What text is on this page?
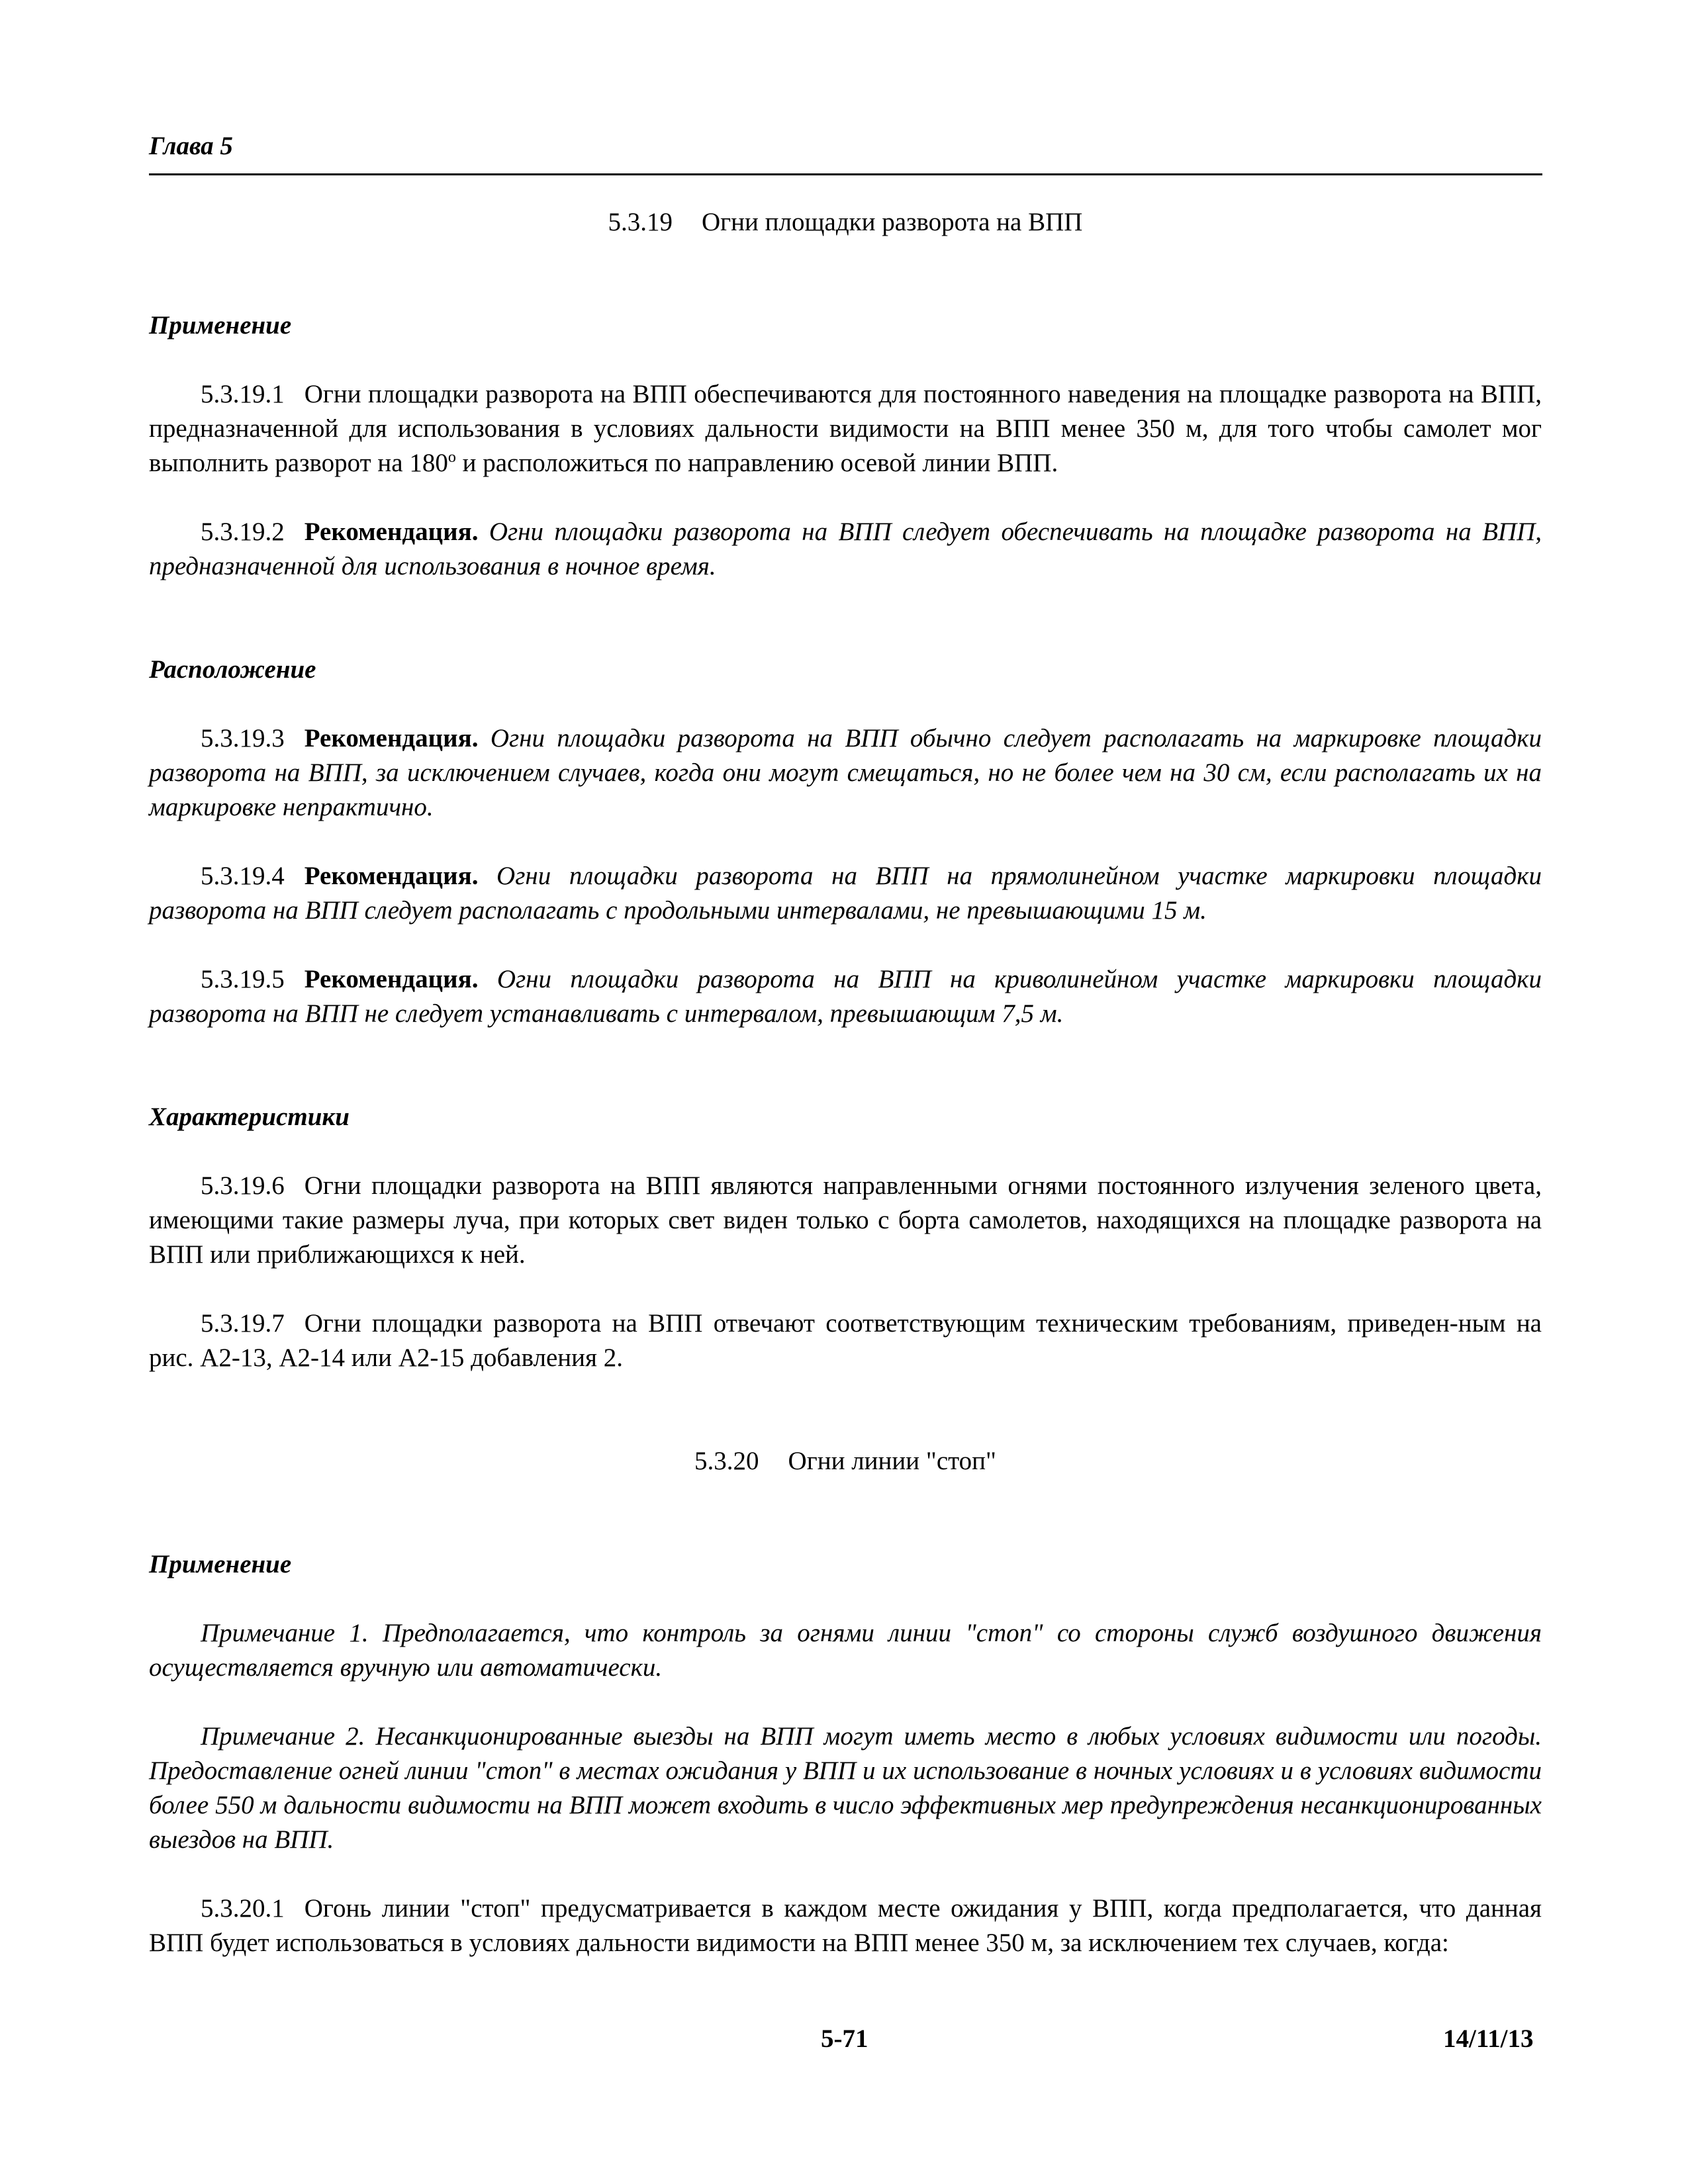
Глава 5

5.3.19 Огни площадки разворота на ВПП

Применение

5.3.19.1 Огни площадки разворота на ВПП обеспечиваются для постоянного наведения на площадке разворота на ВПП, предназначенной для использования в условиях дальности видимости на ВПП менее 350 м, для того чтобы самолет мог выполнить разворот на 180$^o$ и расположиться по направлению осевой линии ВПП.

5.3.19.2 Рекомендация. Огни площадки разворота на ВПП следует обеспечивать на площадке разворота на ВПП, предназначенной для использования в ночное время.

Расположение

5.3.19.3 Рекомендация. Огни площадки разворота на ВПП обычно следует располагать на маркировке площадки разворота на ВПП, за исключением случаев, когда они могут смещаться, но не более чем на 30 см, если располагать их на маркировке непрактично.

5.3.19.4 Рекомендация. Огни площадки разворота на ВПП на прямолинейном участке маркировки площадки разворота на ВПП следует располагать с продольными интервалами, не превышающими 15 м.

5.3.19.5 Рекомендация. Огни площадки разворота на ВПП на криволинейном участке маркировки площадки разворота на ВПП не следует устанавливать с интервалом, превышающим 7,5 м.

Характеристики

5.3.19.6 Огни площадки разворота на ВПП являются направленными огнями постоянного излучения зеленого цвета, имеющими такие размеры луча, при которых свет виден только с борта самолетов, находящихся на площадке разворота на ВПП или приближающихся к ней.

5.3.19.7 Огни площадки разворота на ВПП отвечают соответствующим техническим требованиям, приведен-ным на рис. А2-13, А2-14 или А2-15 добавления 2.

5.3.20 Огни линии "стоп"

Применение

Примечание 1. Предполагается, что контроль за огнями линии "стоп" со стороны служб воздушного движения осуществляется вручную или автоматически.

Примечание 2. Несанкционированные выезды на ВПП могут иметь место в любых условиях видимости или погоды. Предоставление огней линии "стоп" в местах ожидания у ВПП и их использование в ночных условиях и в условиях видимости более 550 м дальности видимости на ВПП может входить в число эффективных мер предупреждения несанкционированных выездов на ВПП.

5.3.20.1 Огонь линии "стоп" предусматривается в каждом месте ожидания у ВПП, когда предполагается, что данная ВПП будет использоваться в условиях дальности видимости на ВПП менее 350 м, за исключением тех случаев, когда:

5-71	14/11/13
